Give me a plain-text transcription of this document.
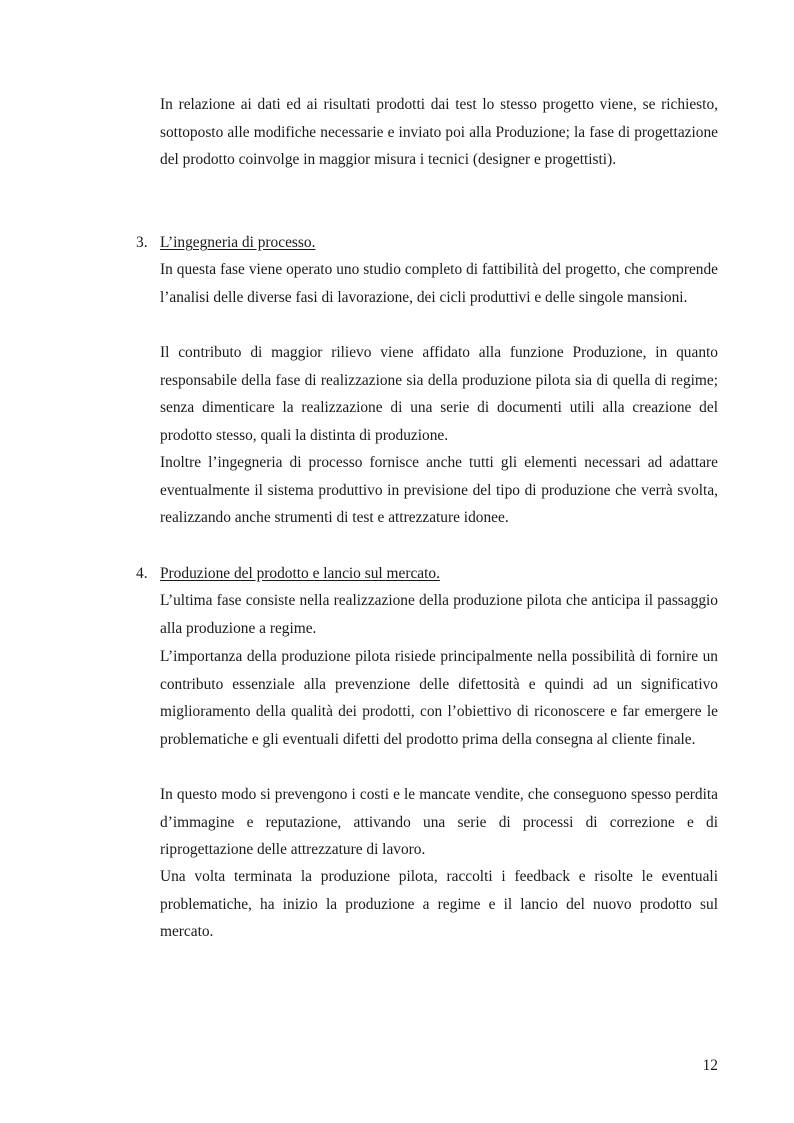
In relazione ai dati ed ai risultati prodotti dai test lo stesso progetto viene, se richiesto, sottoposto alle modifiche necessarie e inviato poi alla Produzione; la fase di progettazione del prodotto coinvolge in maggior misura i tecnici (designer e progettisti).

3. L’ingegneria di processo.

In questa fase viene operato uno studio completo di fattibilità del progetto, che comprende l’analisi delle diverse fasi di lavorazione, dei cicli produttivi e delle singole mansioni.

Il contributo di maggior rilievo viene affidato alla funzione Produzione, in quanto responsabile della fase di realizzazione sia della produzione pilota sia di quella di regime; senza dimenticare la realizzazione di una serie di documenti utili alla creazione del prodotto stesso, quali la distinta di produzione.

Inoltre l’ingegneria di processo fornisce anche tutti gli elementi necessari ad adattare eventualmente il sistema produttivo in previsione del tipo di produzione che verrà svolta, realizzando anche strumenti di test e attrezzature idonee.

4. Produzione del prodotto e lancio sul mercato.

L’ultima fase consiste nella realizzazione della produzione pilota che anticipa il passaggio alla produzione a regime.

L’importanza della produzione pilota risiede principalmente nella possibilità di fornire un contributo essenziale alla prevenzione delle difettosità e quindi ad un significativo miglioramento della qualità dei prodotti, con l’obiettivo di riconoscere e far emergere le problematiche e gli eventuali difetti del prodotto prima della consegna al cliente finale.

In questo modo si prevengono i costi e le mancate vendite, che conseguono spesso perdita d’immagine e reputazione, attivando una serie di processi di correzione e di riprogettazione delle attrezzature di lavoro.

Una volta terminata la produzione pilota, raccolti i feedback e risolte le eventuali problematiche, ha inizio la produzione a regime e il lancio del nuovo prodotto sul mercato.

12
